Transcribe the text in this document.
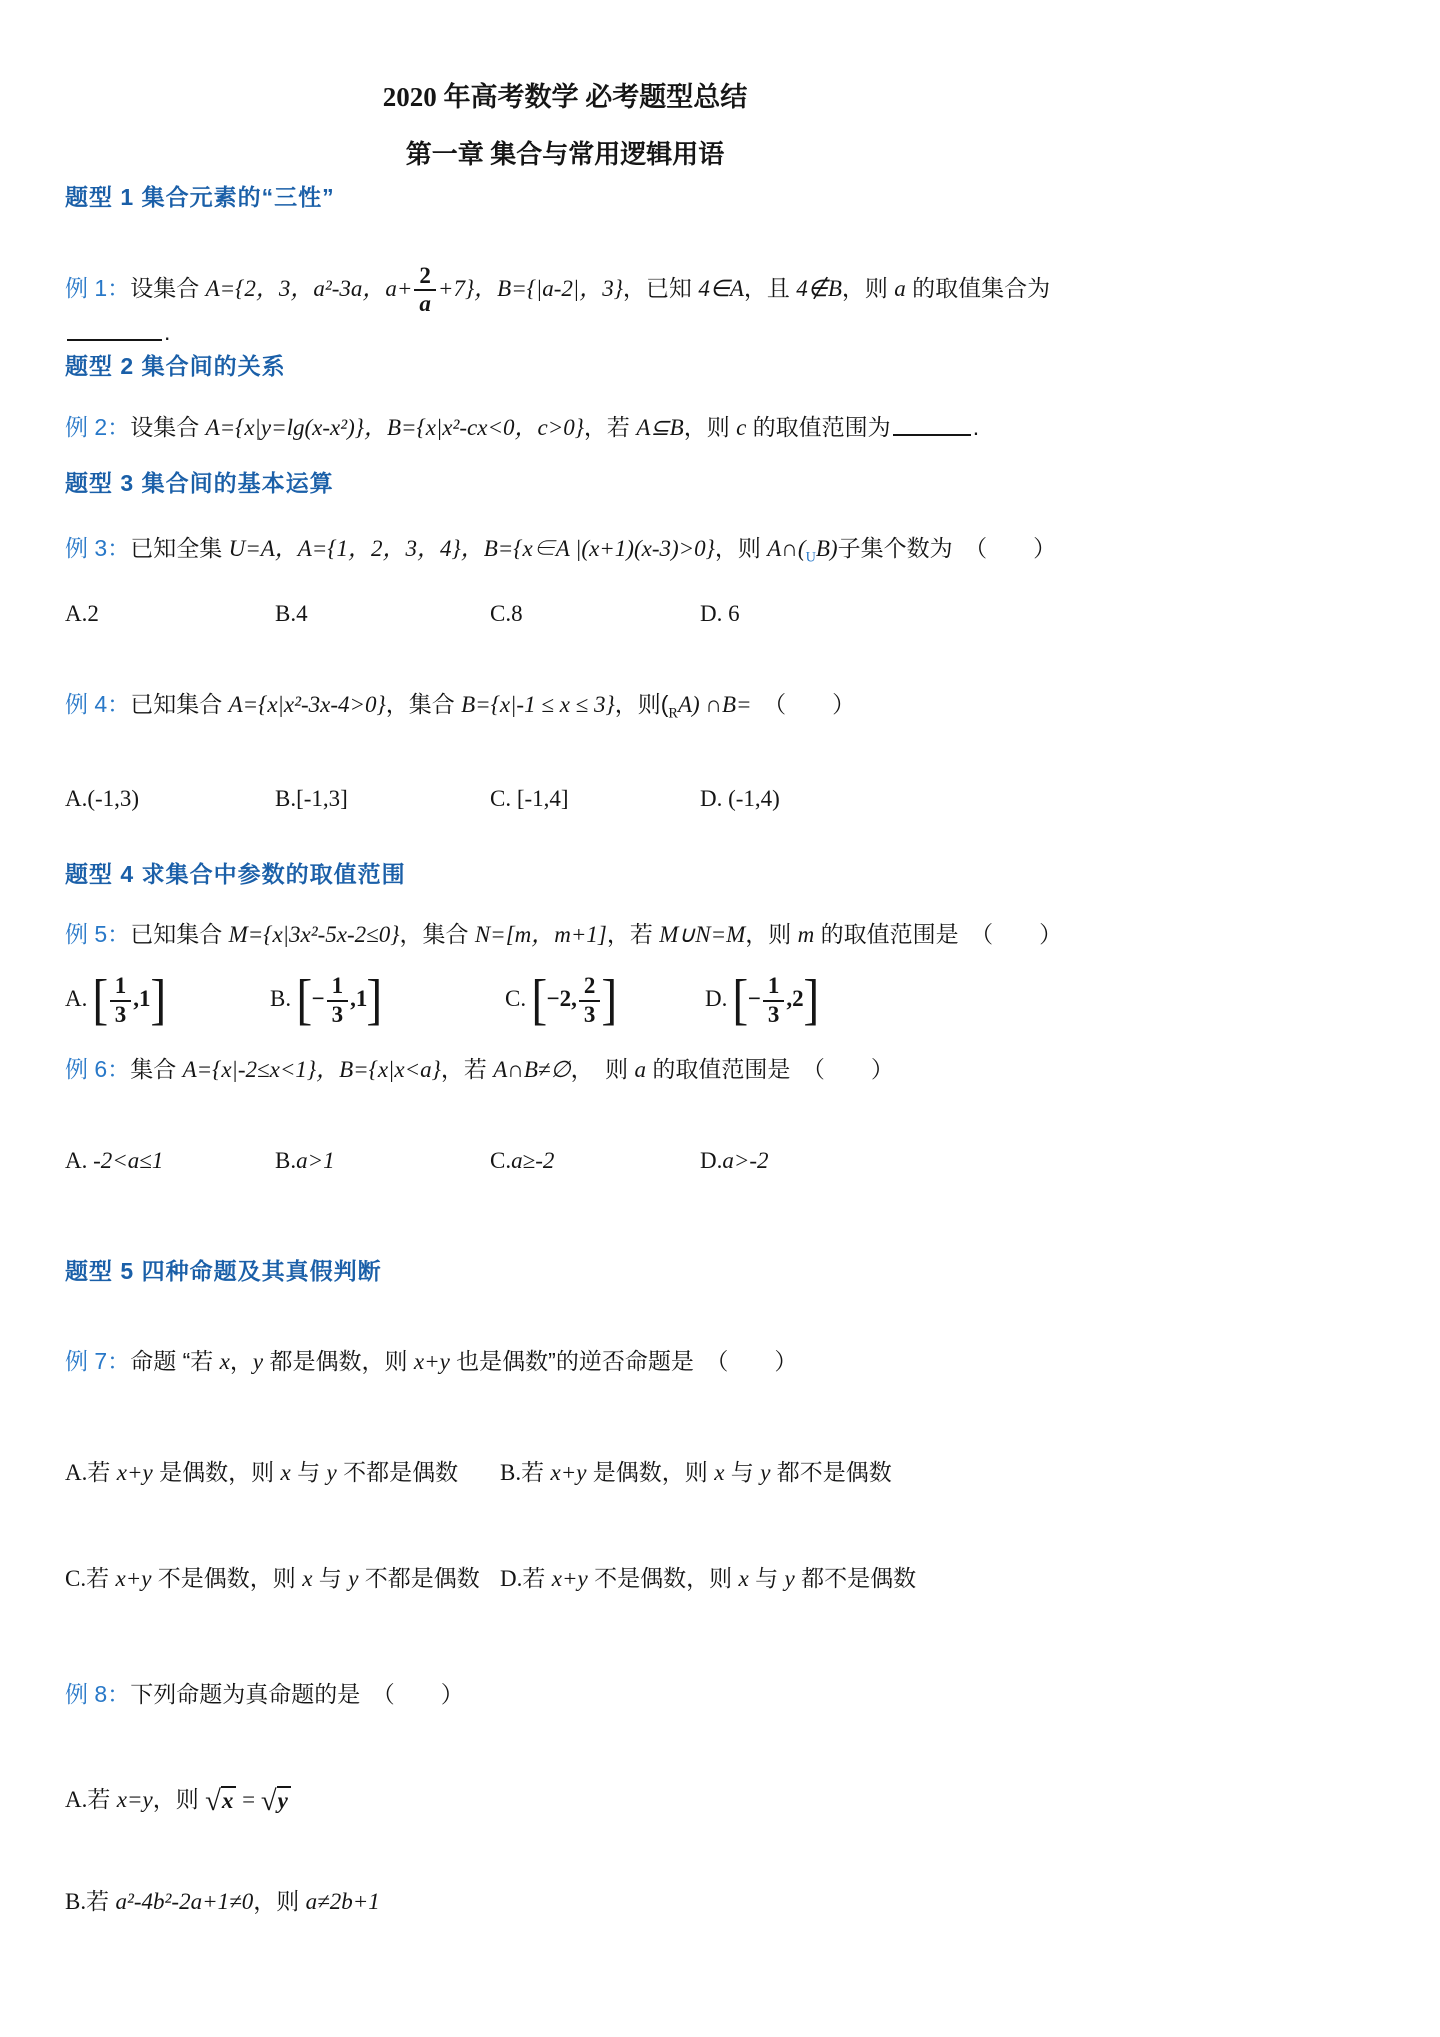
2020 年高考数学 必考题型总结
第一章 集合与常用逻辑用语
题型 1 集合元素的“三性”
例 1：设集合 A={2，3，a²-3a，$a+ \frac{2}{a} +7$}，B={|a-2|，3}，已知 4∈A，且 4∉B，则 a 的取值集合为.
题型 2 集合间的关系
例 2：设集合 A={x|y=lg(x-x²)}，B={x|x²-cx<0，c>0}，若 A⊆B，则 c 的取值范围为	.
题型 3 集合间的基本运算
例 3：已知全集 U=A，A={1，2，3，4}，B={x∈A |(x+1)(x-3)>0}，则 $A\cap(_UB)$子集个数为　（　　）
A.2	B.4	C.8	D. 6
例 4：已知集合 A={x|x²-3x-4>0}，集合 B={x|-1 ≤ x ≤ 3}，则$(_RA)$ ∩B=　（　　）
A.(-1,3)	B.[-1,3]	C. [-1,4]	D. (-1,4)
题型 4 求集合中参数的取值范围
例 5：已知集合 M={x|3x²-5x-2≤0}，集合 N=[m，m+1]，若 M∪N=M，则 m 的取值范围是　（　　）
A. [ $\frac{1}{3} ,1$]	B. [− $\frac{1}{3} ,1$]	C. [−2, $\frac{2}{3}$ ]	D. [− $\frac{1}{3} ,2$]
例 6：集合 A={x|-2≤x<1}，B={x|x<a}，若 A∩B≠∅，　则 a 的取值范围是　（　　）
A. -2<a≤1	B.a>1	C.a≥-2	D.a>-2
题型 5 四种命题及其真假判断
例 7：命题 “若 x，y 都是偶数，则 x+y 也是偶数”的逆否命题是　（　　）
A.若 x+y 是偶数，则 x 与 y 不都是偶数	B.若 x+y 是偶数，则 x 与 y 都不是偶数
C.若 x+y 不是偶数，则 x 与 y 不都是偶数 D.若 x+y 不是偶数，则 x 与 y 都不是偶数
例 8：下列命题为真命题的是　（　　）
A.若 x=y，则 √x = √y
B.若 a²-4b²-2a+1≠0，则 a≠2b+1
